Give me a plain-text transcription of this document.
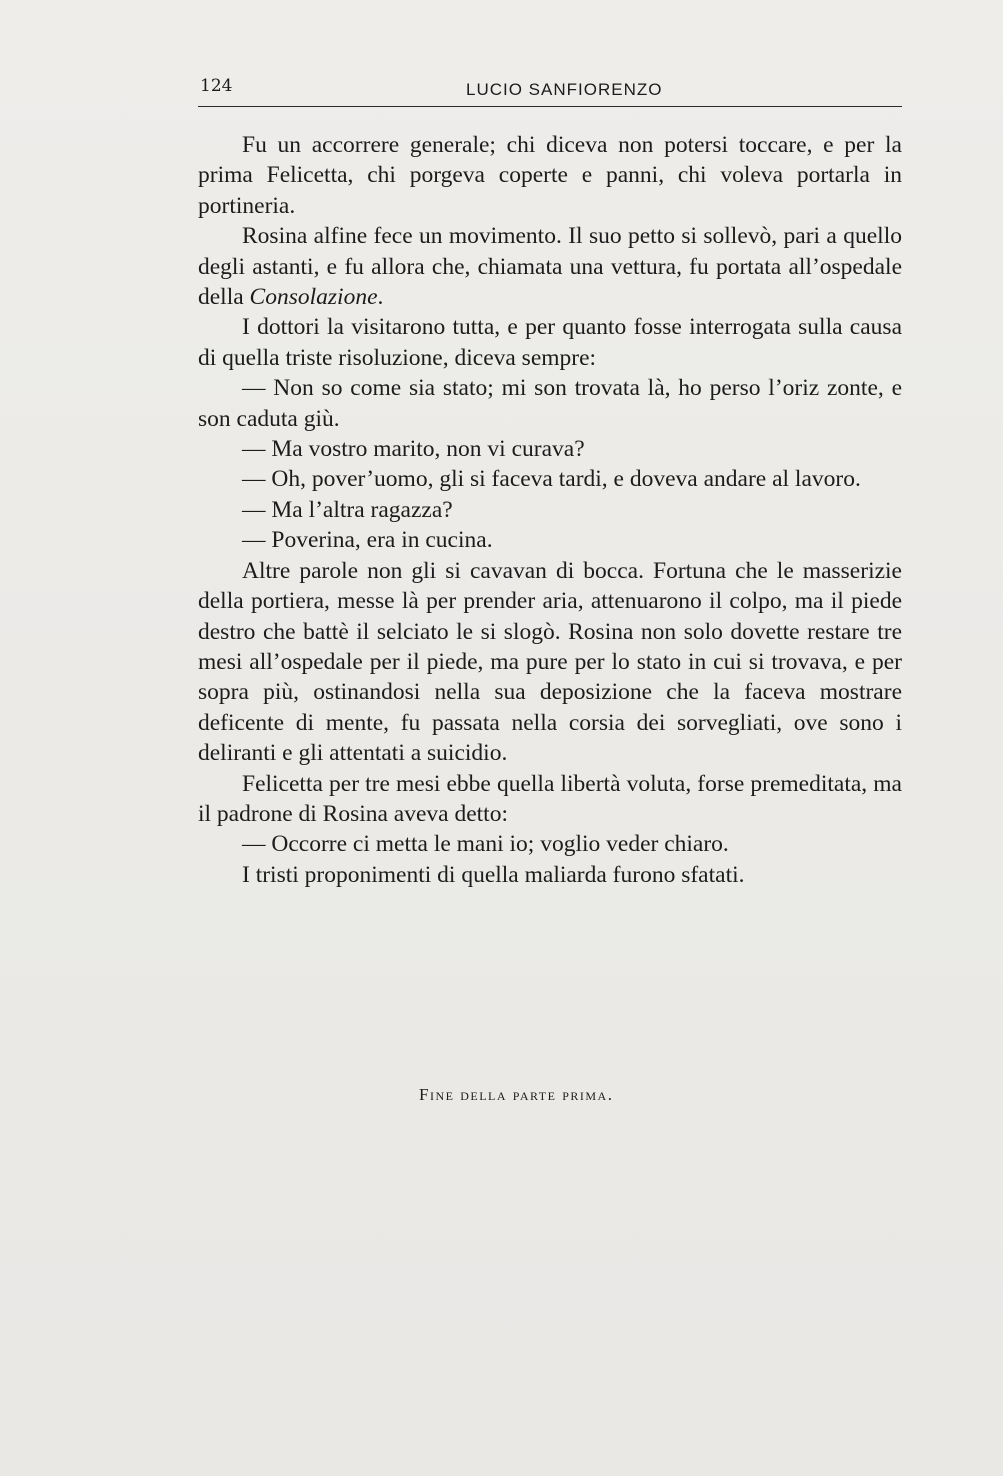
124	LUCIO SANFIORENZO

Fu un accorrere generale; chi diceva non potersi toccare, e per la prima Felicetta, chi porgeva coperte e panni, chi voleva portarla in portineria.

Rosina alfine fece un movimento. Il suo petto si sollevò, pari a quello degli astanti, e fu allora che, chiamata una vettura, fu portata all’ospedale della Consolazione.

I dottori la visitarono tutta, e per quanto fosse interrogata sulla causa di quella triste risoluzione, diceva sempre:

— Non so come sia stato; mi son trovata là, ho perso l’oriz zonte, e son caduta giù.

— Ma vostro marito, non vi curava?

— Oh, pover’uomo, gli si faceva tardi, e doveva andare al lavoro.

— Ma l’altra ragazza?

— Poverina, era in cucina.

Altre parole non gli si cavavan di bocca. Fortuna che le masserizie della portiera, messe là per prender aria, attenuarono il colpo, ma il piede destro che battè il selciato le si slogò. Rosina non solo dovette restare tre mesi all’ospedale per il piede, ma pure per lo stato in cui si trovava, e per sopra più, ostinandosi nella sua deposizione che la faceva mostrare deficente di mente, fu passata nella corsia dei sorvegliati, ove sono i deliranti e gli attentati a suicidio.

Felicetta per tre mesi ebbe quella libertà voluta, forse premeditata, ma il padrone di Rosina aveva detto:

— Occorre ci metta le mani io; voglio veder chiaro.

I tristi proponimenti di quella maliarda furono sfatati.

Fine della parte prima.
